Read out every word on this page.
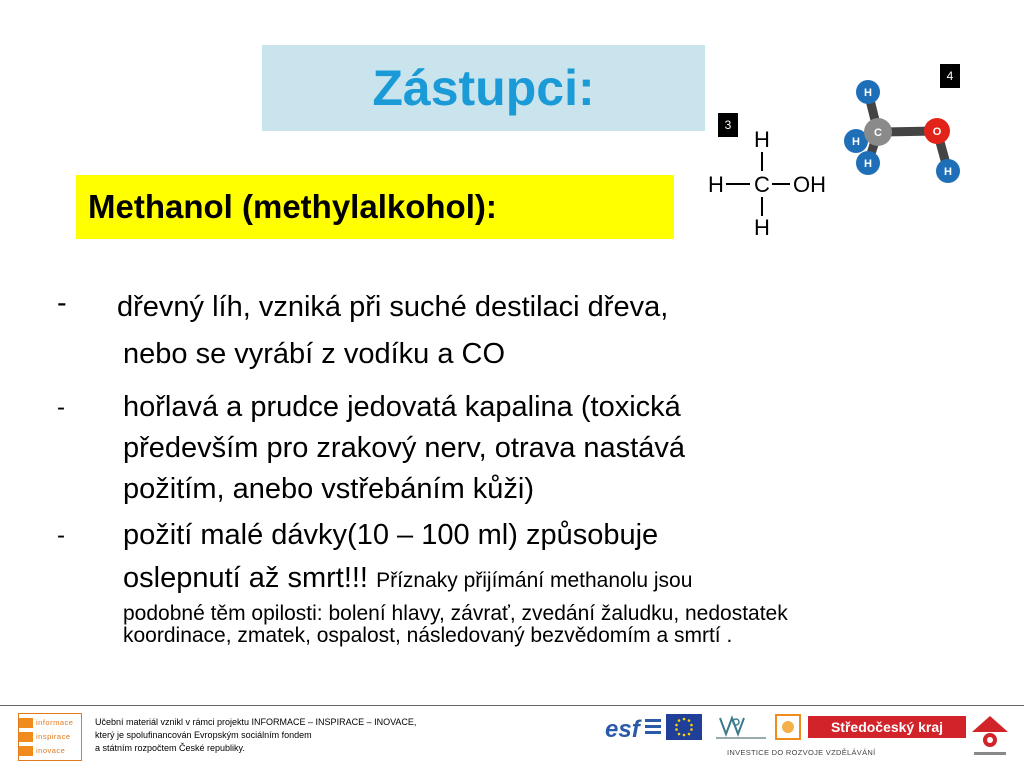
Zástupci:
Methanol (methylalkohol):
3
4
H
H C OH
H
H
H
H
C	O
H
- dřevný líh, vzniká při suché destilaci dřeva,
nebo se vyrábí z vodíku a CO
- hořlavá a prudce jedovatá kapalina (toxická
především pro zrakový nerv, otrava nastává
požitím, anebo vstřebáním kůži)
- požití malé dávky(10 – 100 ml) způsobuje
oslepnutí až smrt!!! Příznaky přijímání methanolu jsou
podobné těm opilosti: bolení hlavy, závrať, zvedání žaludku, nedostatek
koordinace, zmatek, ospalost, následovaný bezvědomím a smrtí .
informace
inspirace
inovace
Učební materiál vznikl v rámci projektu INFORMACE – INSPIRACE – INOVACE,
který je spolufinancován Evropským sociálním fondem
a státním rozpočtem České republiky.
esf	Středočeský kraj
INVESTICE DO ROZVOJE VZDĚLÁVÁNÍ
